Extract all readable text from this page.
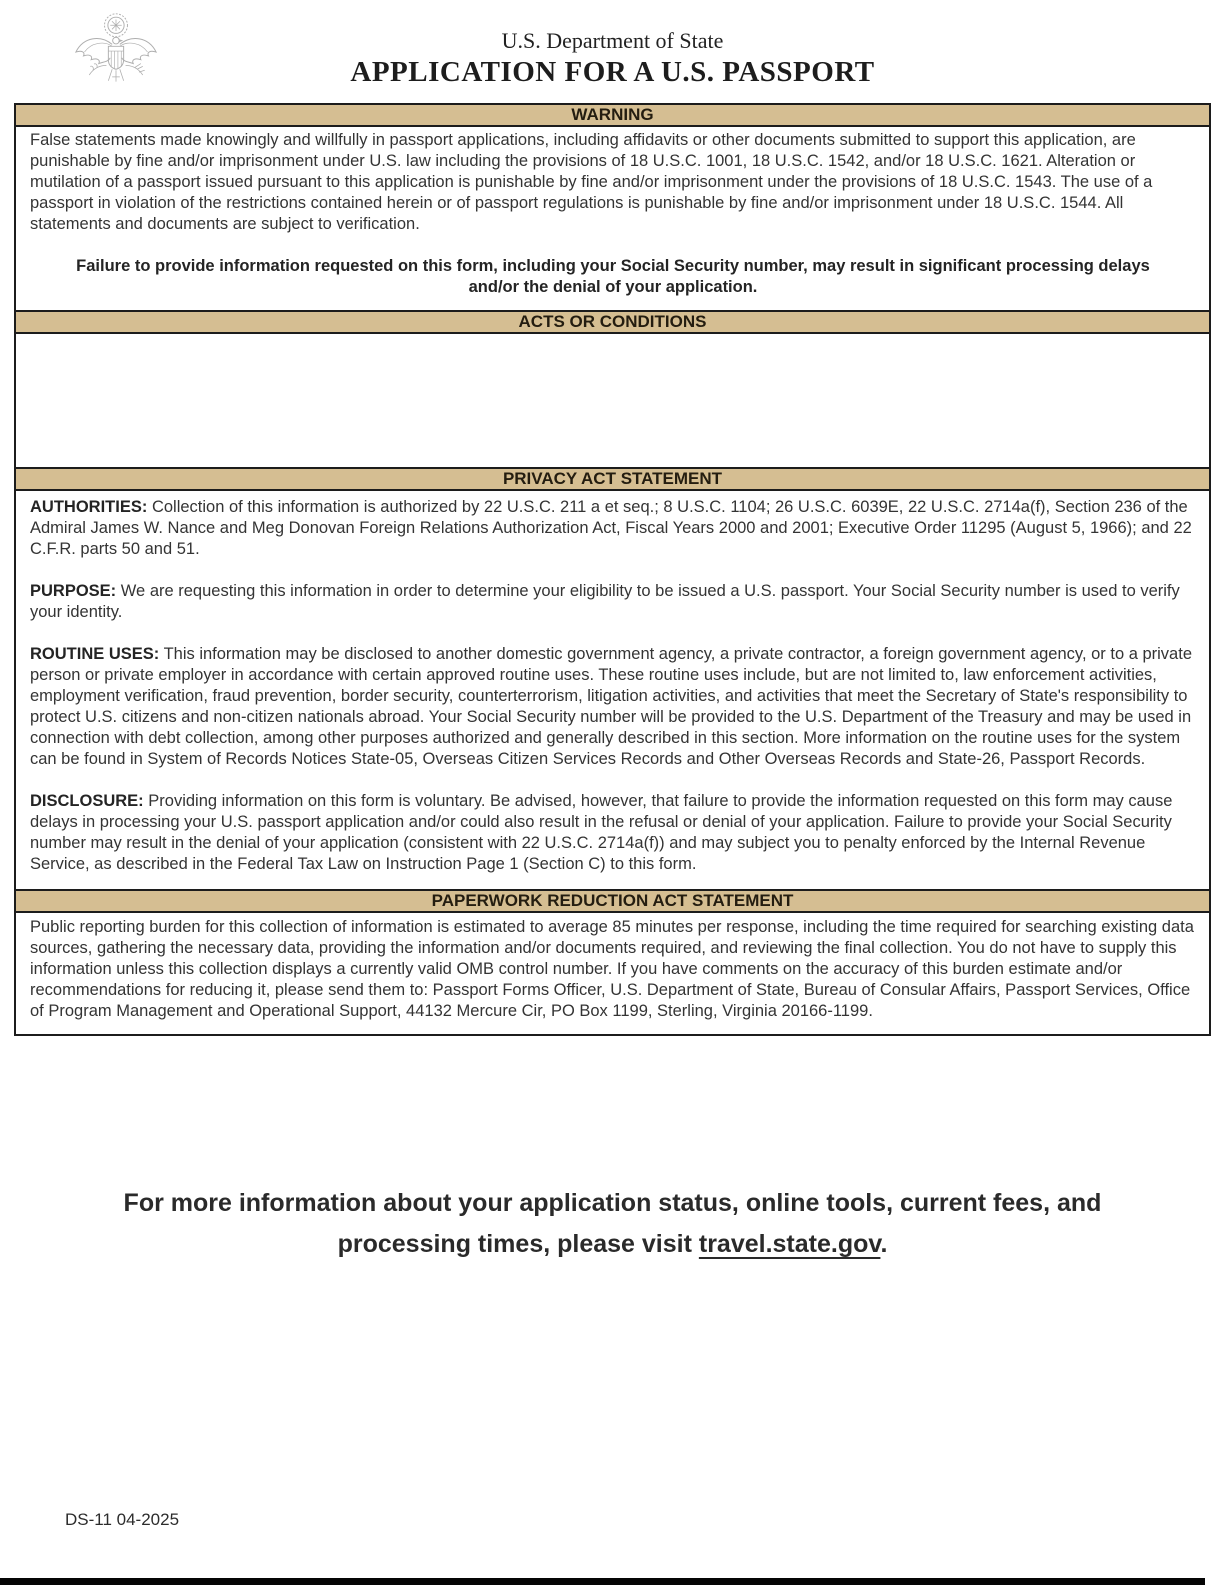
U.S. Department of State
APPLICATION FOR A U.S. PASSPORT
WARNING

False statements made knowingly and willfully in passport applications, including affidavits or other documents submitted to support this application, are punishable by fine and/or imprisonment under U.S. law including the provisions of 18 U.S.C. 1001, 18 U.S.C. 1542, and/or 18 U.S.C. 1621. Alteration or mutilation of a passport issued pursuant to this application is punishable by fine and/or imprisonment under the provisions of 18 U.S.C. 1543. The use of a passport in violation of the restrictions contained herein or of passport regulations is punishable by fine and/or imprisonment under 18 U.S.C. 1544. All statements and documents are subject to verification.

Failure to provide information requested on this form, including your Social Security number, may result in significant processing delays and/or the denial of your application.

ACTS OR CONDITIONS
PRIVACY ACT STATEMENT

AUTHORITIES: Collection of this information is authorized by 22 U.S.C. 211 a et seq.; 8 U.S.C. 1104; 26 U.S.C. 6039E, 22 U.S.C. 2714a(f), Section 236 of the Admiral James W. Nance and Meg Donovan Foreign Relations Authorization Act, Fiscal Years 2000 and 2001; Executive Order 11295 (August 5, 1966); and 22 C.F.R. parts 50 and 51.

PURPOSE: We are requesting this information in order to determine your eligibility to be issued a U.S. passport. Your Social Security number is used to verify your identity.

ROUTINE USES: This information may be disclosed to another domestic government agency, a private contractor, a foreign government agency, or to a private person or private employer in accordance with certain approved routine uses. These routine uses include, but are not limited to, law enforcement activities, employment verification, fraud prevention, border security, counterterrorism, litigation activities, and activities that meet the Secretary of State's responsibility to protect U.S. citizens and non-citizen nationals abroad. Your Social Security number will be provided to the U.S. Department of the Treasury and may be used in connection with debt collection, among other purposes authorized and generally described in this section. More information on the routine uses for the system can be found in System of Records Notices State-05, Overseas Citizen Services Records and Other Overseas Records and State-26, Passport Records.

DISCLOSURE: Providing information on this form is voluntary. Be advised, however, that failure to provide the information requested on this form may cause delays in processing your U.S. passport application and/or could also result in the refusal or denial of your application. Failure to provide your Social Security number may result in the denial of your application (consistent with 22 U.S.C. 2714a(f)) and may subject you to penalty enforced by the Internal Revenue Service, as described in the Federal Tax Law on Instruction Page 1 (Section C) to this form.

PAPERWORK REDUCTION ACT STATEMENT

Public reporting burden for this collection of information is estimated to average 85 minutes per response, including the time required for searching existing data sources, gathering the necessary data, providing the information and/or documents required, and reviewing the final collection. You do not have to supply this information unless this collection displays a currently valid OMB control number. If you have comments on the accuracy of this burden estimate and/or recommendations for reducing it, please send them to: Passport Forms Officer, U.S. Department of State, Bureau of Consular Affairs, Passport Services, Office of Program Management and Operational Support, 44132 Mercure Cir, PO Box 1199, Sterling, Virginia 20166-1199.

For more information about your application status, online tools, current fees, and processing times, please visit travel.state.gov.
DS-11 04-2025
